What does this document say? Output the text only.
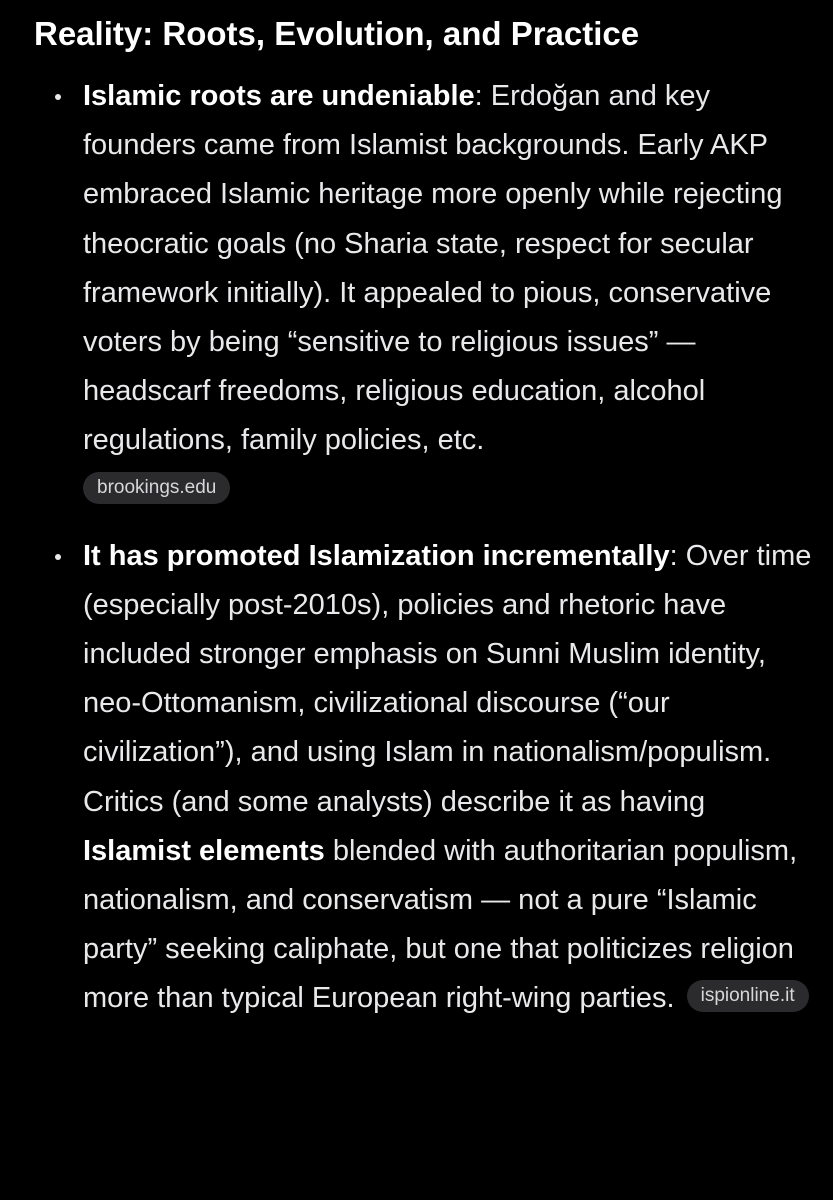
Reality: Roots, Evolution, and Practice
Islamic roots are undeniable: Erdoğan and key founders came from Islamist backgrounds. Early AKP embraced Islamic heritage more openly while rejecting theocratic goals (no Sharia state, respect for secular framework initially). It appealed to pious, conservative voters by being “sensitive to religious issues” — headscarf freedoms, religious education, alcohol regulations, family policies, etc.
brookings.edu
It has promoted Islamization incrementally: Over time (especially post-2010s), policies and rhetoric have included stronger emphasis on Sunni Muslim identity, neo-Ottomanism, civilizational discourse (“our civilization”), and using Islam in nationalism/populism. Critics (and some analysts) describe it as having Islamist elements blended with authoritarian populism, nationalism, and conservatism — not a pure “Islamic party” seeking caliphate, but one that politicizes religion more than typical European right-wing parties. ispionline.it
